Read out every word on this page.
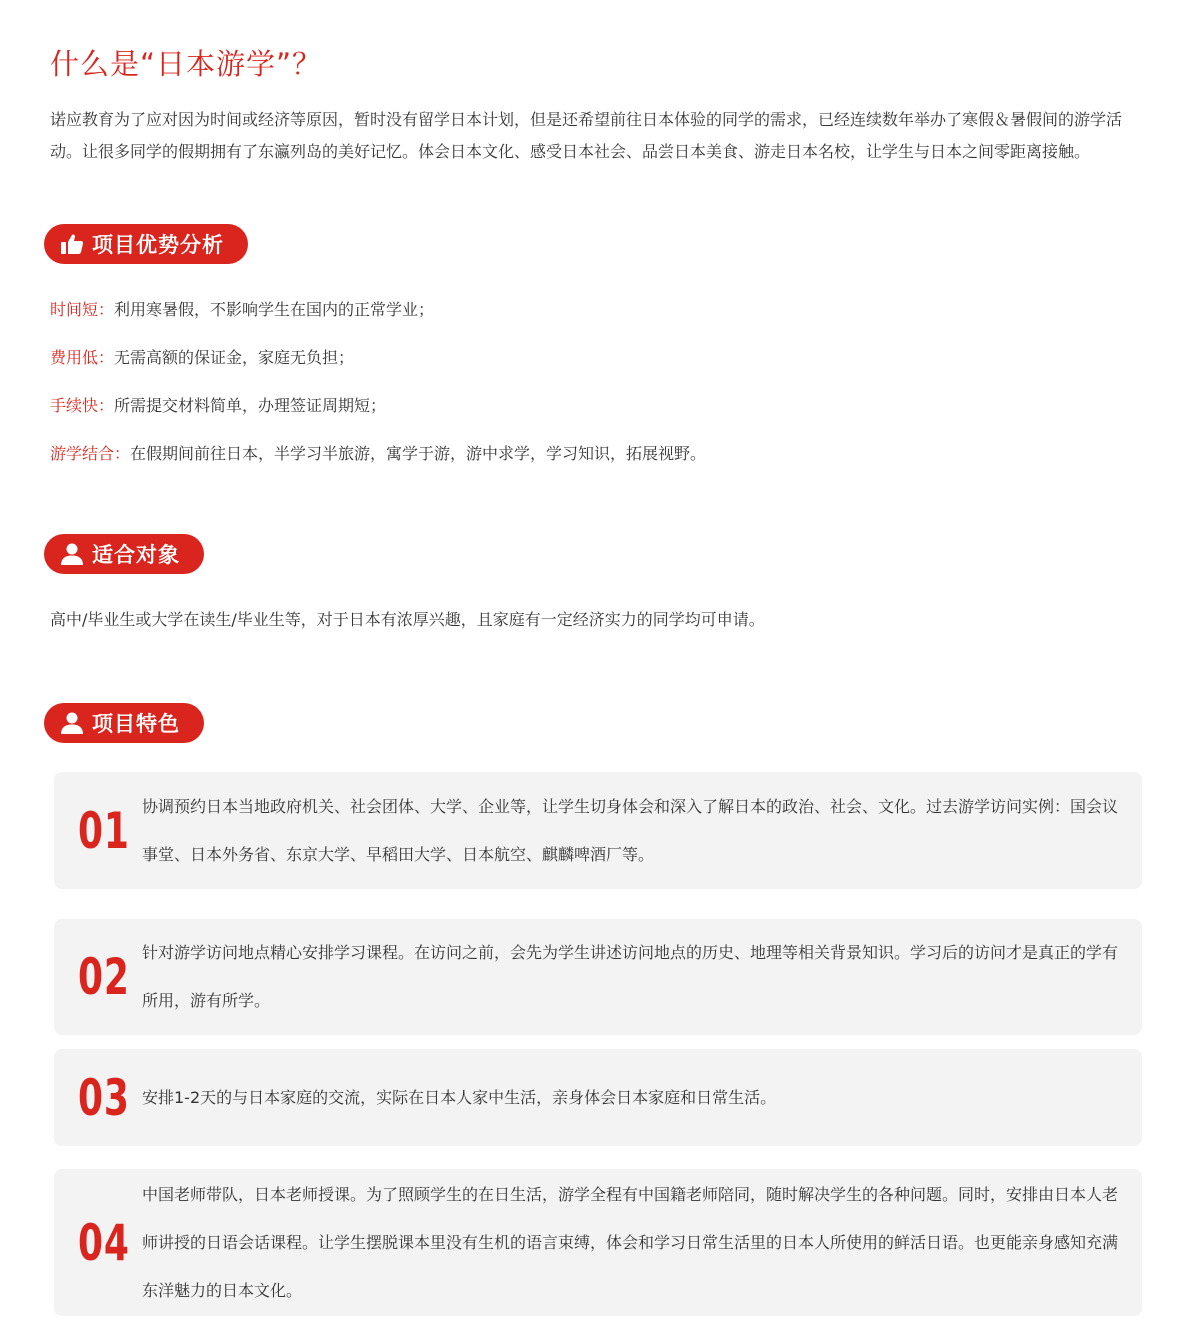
什么是“日本游学”？

诺应教育为了应对因为时间或经济等原因，暂时没有留学日本计划，但是还希望前往日本体验的同学的需求，已经连续数年举办了寒假＆暑假间的游学活动。让很多同学的假期拥有了东瀛列岛的美好记忆。体会日本文化、感受日本社会、品尝日本美食、游走日本名校，让学生与日本之间零距离接触。

项目优势分析

时间短：利用寒暑假，不影响学生在国内的正常学业；

费用低：无需高额的保证金，家庭无负担；

手续快：所需提交材料简单，办理签证周期短；

游学结合：在假期间前往日本，半学习半旅游，寓学于游，游中求学，学习知识，拓展视野。

适合对象

高中/毕业生或大学在读生/毕业生等，对于日本有浓厚兴趣，且家庭有一定经济实力的同学均可申请。

项目特色
01 协调预约日本当地政府机关、社会团体、大学、企业等，让学生切身体会和深入了解日本的政治、社会、文化。过去游学访问实例：国会议事堂、日本外务省、东京大学、早稻田大学、日本航空、麒麟啤酒厂等。

02 针对游学访问地点精心安排学习课程。在访问之前，会先为学生讲述访问地点的历史、地理等相关背景知识。学习后的访问才是真正的学有所用，游有所学。

03 安排1-2天的与日本家庭的交流，实际在日本人家中生活，亲身体会日本家庭和日常生活。

04

中国老师带队，日本老师授课。为了照顾学生的在日生活，游学全程有中国籍老师陪同，随时解决学生的各种问题。同时，安排由日本人老师讲授的日语会话课程。让学生摆脱课本里没有生机的语言束缚，体会和学习日常生活里的日本人所使用的鲜活日语。也更能亲身感知充满东洋魅力的日本文化。
